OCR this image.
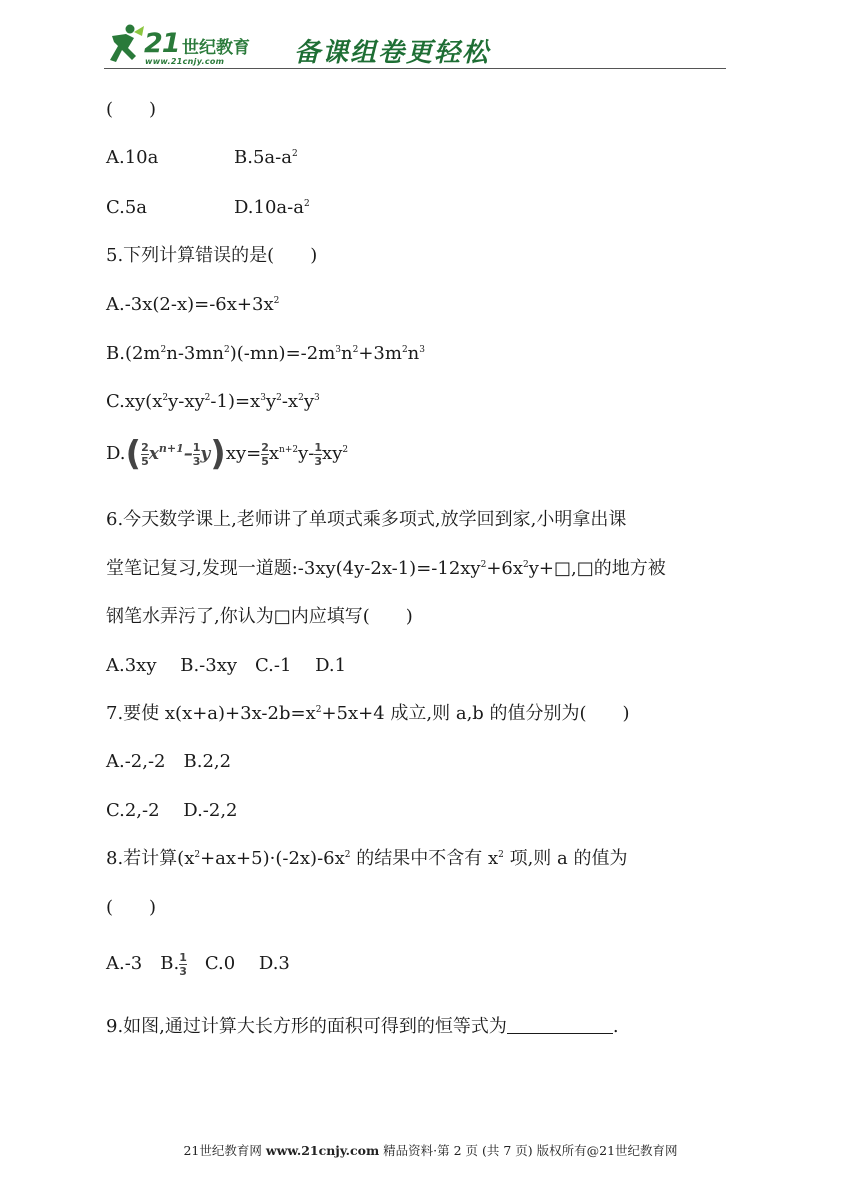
21 世纪教育
www.21cnjy.com	备课组卷更轻松
(　　)
A.10a	$B.5a-a^2$
C.5a	$D.10a-a^2$
5.下列计算错误的是(　　)
$A.-3x(2-x)=-6x+3x^2$
$B.(2m^2n-3mn^2)(-mn)=-2m^3n^2+3m^2n^3$
$C.xy(x^2y-xy^2-1)=x^3y^2-x^2y^3$
$D.( \frac{2}{5} x^{n+1}- \frac{1}{3} y)xy= \frac{2}{5} x^{n+2}y- \frac{1}{3} xy^2$
6.今天数学课上,老师讲了单项式乘多项式,放学回到家,小明拿出课
堂笔记复习,发现一道题$:-3xy(4y-2x-1)=-12xy^2+6x^2y+□,□$的地方被
钢笔水弄污了,你认为□内应填写(　　)
A.3xy　 B.-3xy　C.-1　 D.1
7.要使 $x(x+a)+3x-2b=x^2+5x+4$ 成立,则 a,b 的值分别为(　　)
A.-2,-2　B.2,2
C.2,-2　 D.-2,2
8.若计算$(x^2+ax+5)\cdot(-2x)-6x^2$ 的结果中不含有 $x^2$ 项,则 a 的值为
(　　)
A.-3　B. $\frac{1}{3}$ 　C.0　 D.3
9.如图,通过计算大长方形的面积可得到的恒等式为	.
21世纪教育网 www.21cnjy.com 精品资料·第 2 页 (共 7 页) 版权所有@21世纪教育网
